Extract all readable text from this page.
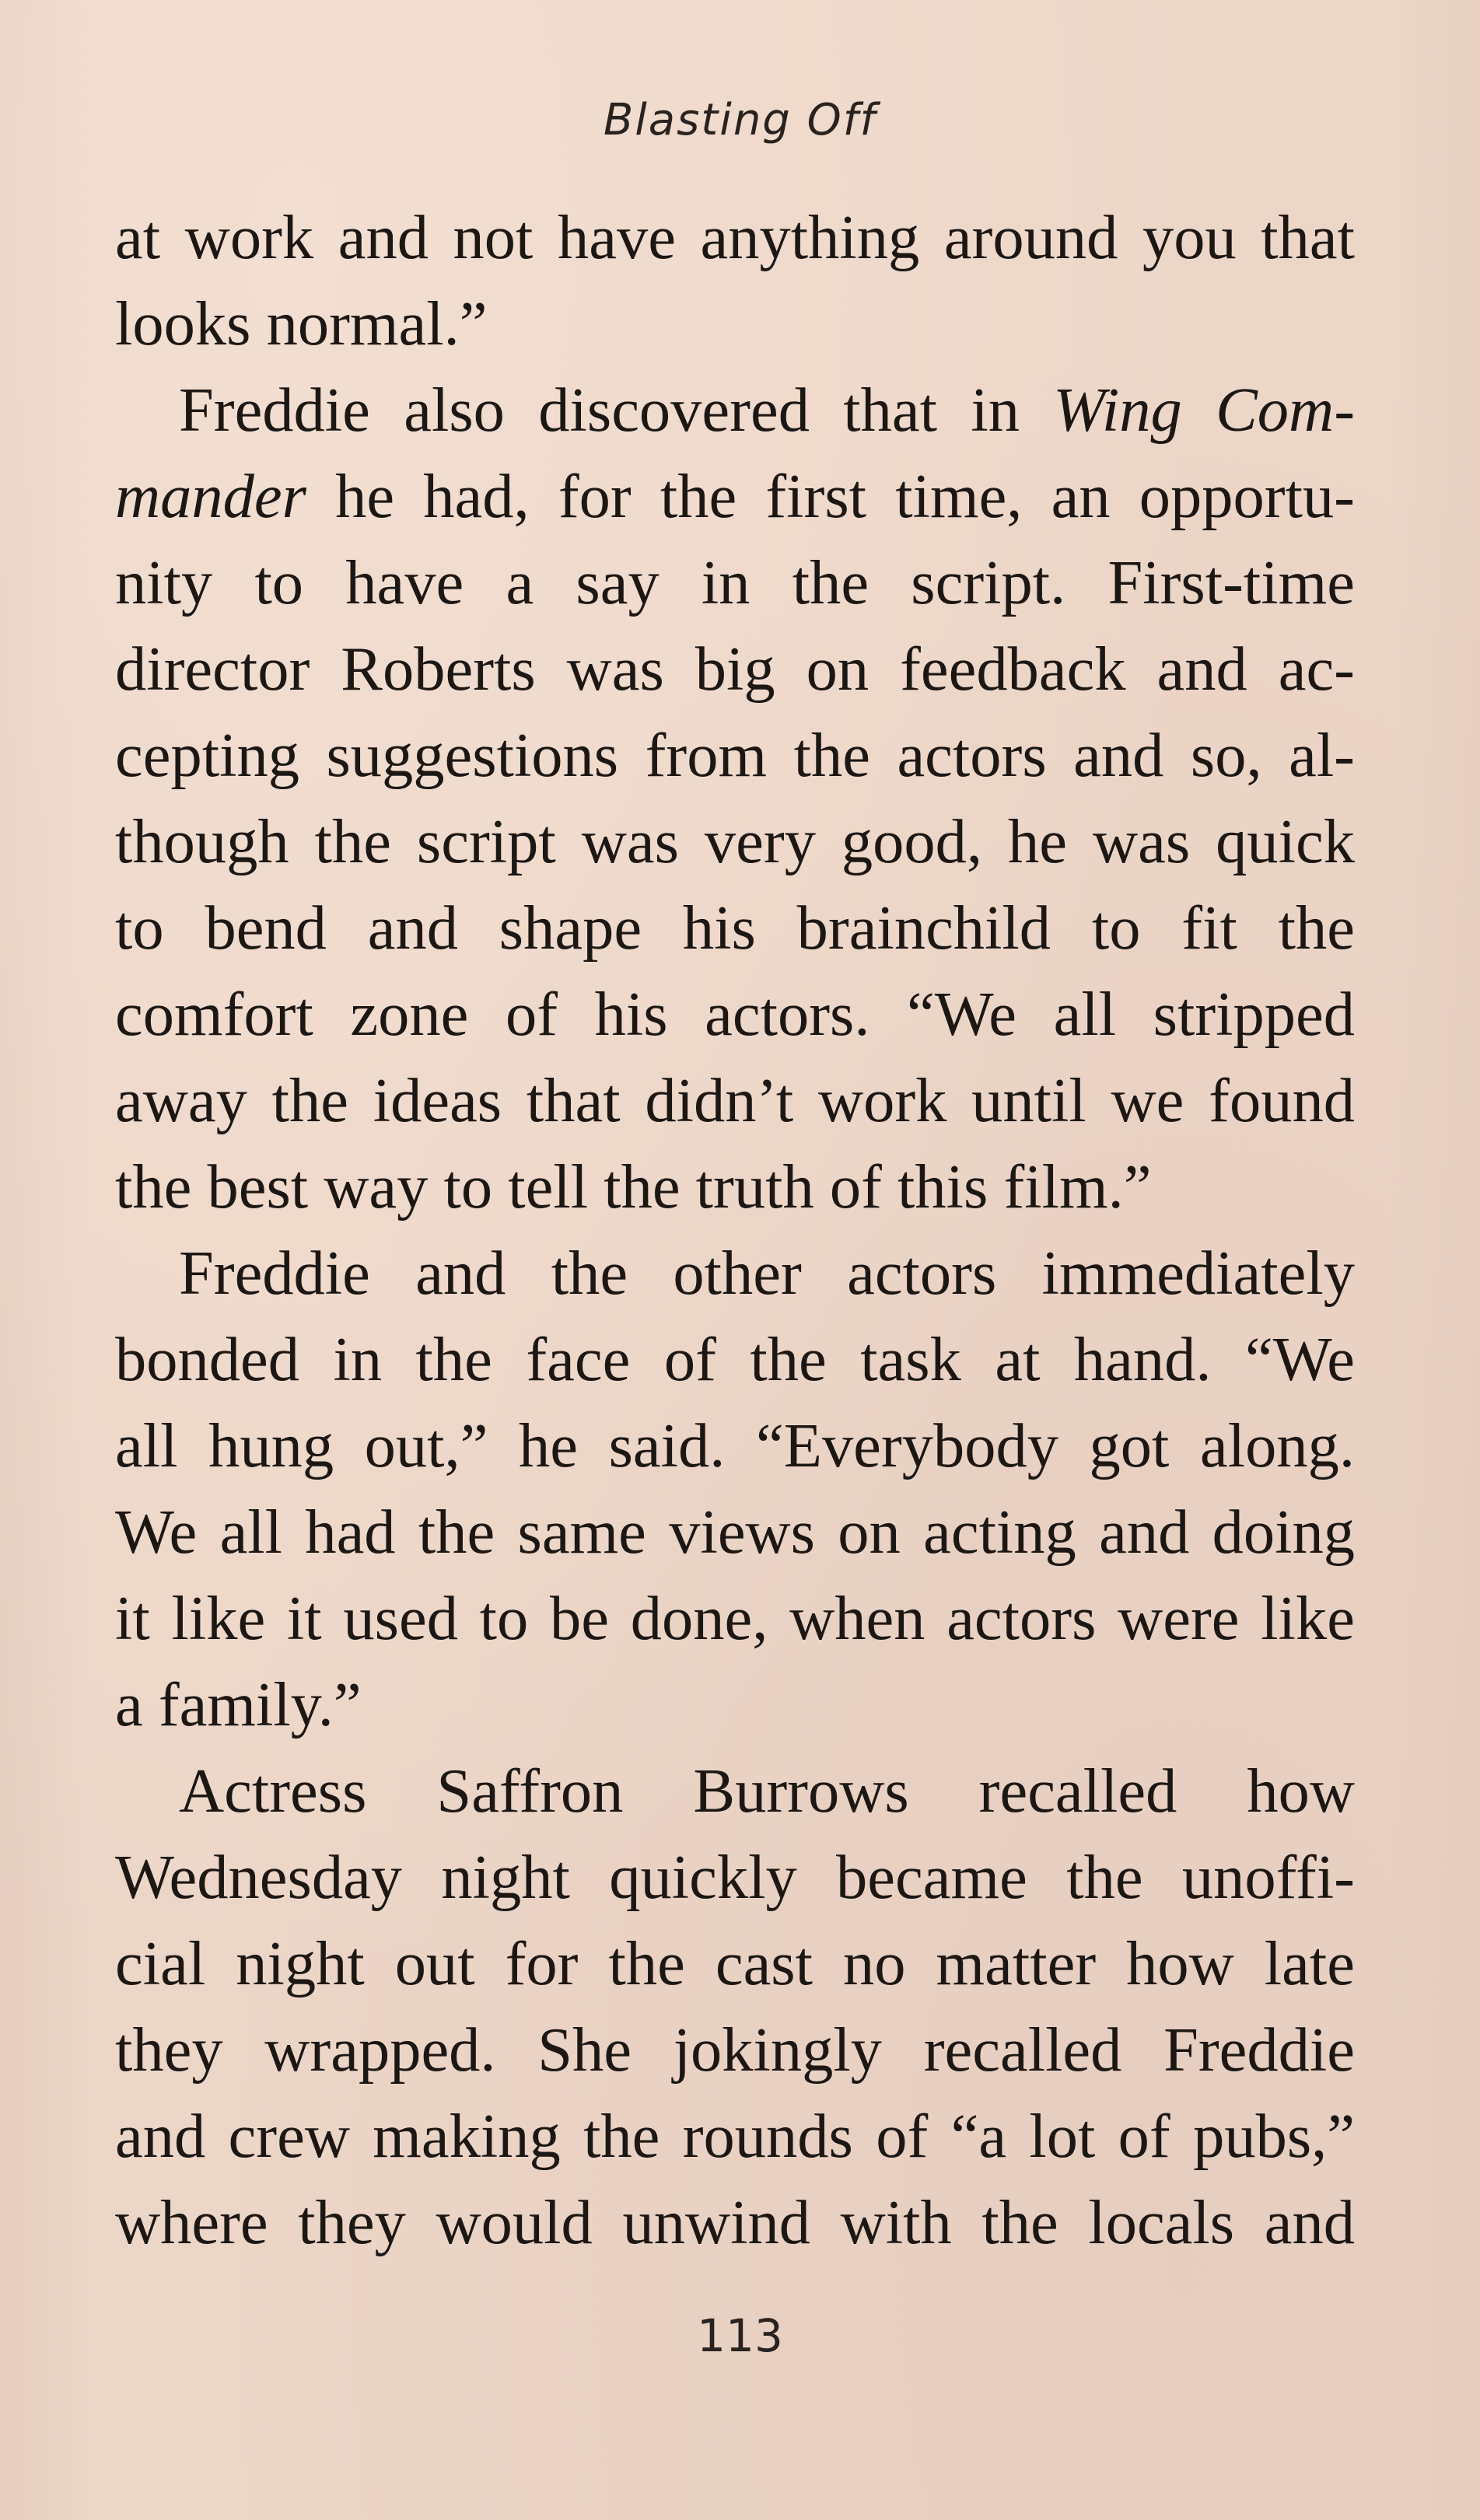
Blasting Off
at work and not have anything around you that
looks normal.”
Freddie also discovered that in Wing Com-
mander he had, for the first time, an opportu-
nity to have a say in the script. First-time
director Roberts was big on feedback and ac-
cepting suggestions from the actors and so, al-
though the script was very good, he was quick
to bend and shape his brainchild to fit the
comfort zone of his actors. “We all stripped
away the ideas that didn’t work until we found
the best way to tell the truth of this film.”
Freddie and the other actors immediately
bonded in the face of the task at hand. “We
all hung out,” he said. “Everybody got along.
We all had the same views on acting and doing
it like it used to be done, when actors were like
a family.”
Actress Saffron Burrows recalled how
Wednesday night quickly became the unoffi-
cial night out for the cast no matter how late
they wrapped. She jokingly recalled Freddie
and crew making the rounds of “a lot of pubs,”
where they would unwind with the locals and
113
